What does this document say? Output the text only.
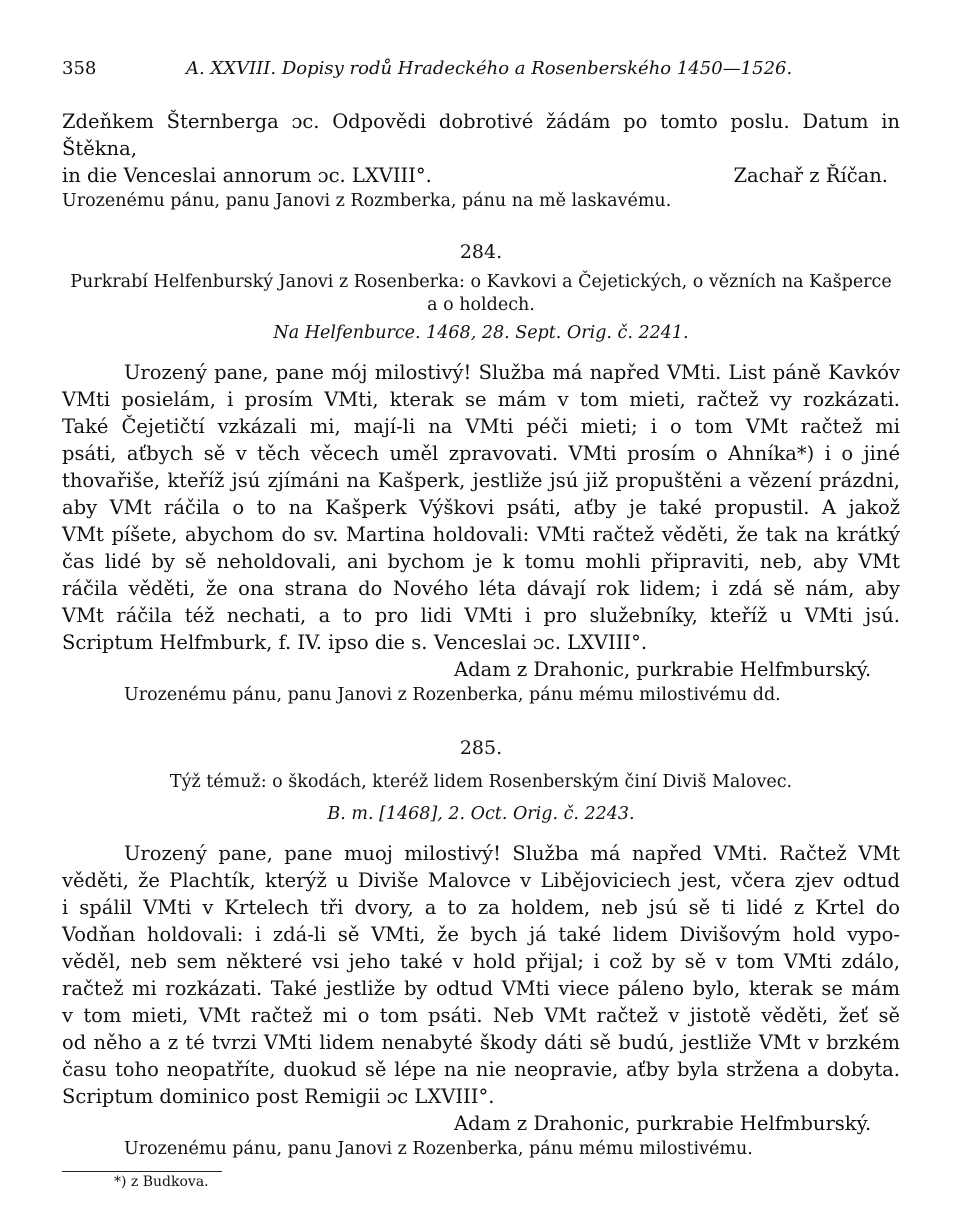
358	A. XXVIII. Dopisy rodů Hradeckého a Rosenberského 1450—1526.
Zdeňkem Šternberga ɔc. Odpovědi dobrotivé žádám po tomto poslu. Datum in Štěkna,
in die Venceslai annorum ɔc. LXVIII°.	Zachař z Říčan.
Urozenému pánu, panu Janovi z Rozmberka, pánu na mě laskavému.
284.
Purkrabí Helfenburský Janovi z Rosenberka: o Kavkovi a Čejetických, o vězních na Kašperce
a o holdech.
Na Helfenburce. 1468, 28. Sept. Orig. č. 2241.
Urozený pane, pane mój milostivý! Služba má napřed VMti. List páně Kavkóv
VMti posielám, i prosím VMti, kterak se mám v tom mieti, račtež vy rozkázati.
Také Čejetičtí vzkázali mi, mají-li na VMti péči mieti; i o tom VMt račtež mi
psáti, aťbych sě v těch věcech uměl zpravovati. VMti prosím o Ahníka*) i o jiné
thovařiše, kteříž jsú zjímáni na Kašperk, jestliže jsú již propuštěni a vězení prázdni,
aby VMt ráčila o to na Kašperk Výškovi psáti, aťby je také propustil. A jakož
VMt píšete, abychom do sv. Martina holdovali: VMti račtež věděti, že tak na krátký
čas lidé by sě neholdovali, ani bychom je k tomu mohli připraviti, neb, aby VMt
ráčila věděti, že ona strana do Nového léta dávají rok lidem; i zdá sě nám, aby
VMt ráčila též nechati, a to pro lidi VMti i pro služebníky, kteříž u VMti jsú.
Scriptum Helfmburk, f. IV. ipso die s. Venceslai ɔc. LXVIII°.
Adam z Drahonic, purkrabie Helfmburský.
Urozenému pánu, panu Janovi z Rozenberka, pánu mému milostivému dd.
285.
Týž témuž: o škodách, kteréž lidem Rosenberským činí Diviš Malovec.
B. m. [1468], 2. Oct. Orig. č. 2243.
Urozený pane, pane muoj milostivý! Služba má napřed VMti. Račtež VMt
věděti, že Plachtík, kterýž u Diviše Malovce v Libějoviciech jest, včera zjev odtud
i spálil VMti v Krtelech tři dvory, a to za holdem, neb jsú sě ti lidé z Krtel do
Vodňan holdovali: i zdá-li sě VMti, že bych já také lidem Divišovým hold vypo-
věděl, neb sem některé vsi jeho také v hold přijal; i což by sě v tom VMti zdálo,
račtež mi rozkázati. Také jestliže by odtud VMti viece páleno bylo, kterak se mám
v tom mieti, VMt račtež mi o tom psáti. Neb VMt račtež v jistotě věděti, žeť sě
od něho a z té tvrzi VMti lidem nenabyté škody dáti sě budú, jestliže VMt v brzkém
času toho neopatříte, duokud sě lépe na nie neopravie, aťby byla stržena a dobyta.
Scriptum dominico post Remigii ɔc LXVIII°.
Adam z Drahonic, purkrabie Helfmburský.
Urozenému pánu, panu Janovi z Rozenberka, pánu mému milostivému.
*) z Budkova.
